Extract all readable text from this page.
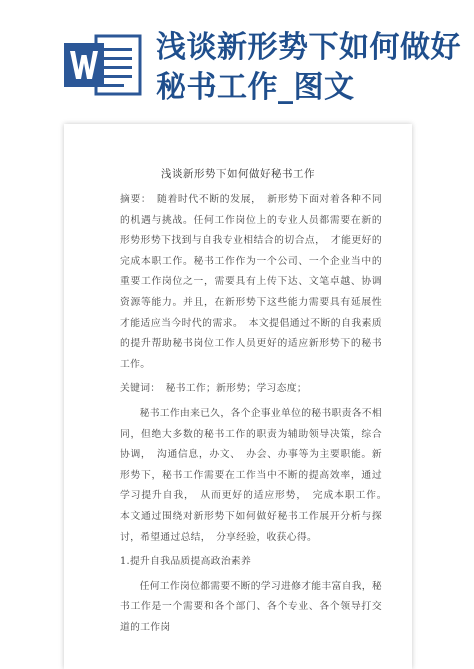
浅谈新形势下如何做好秘书工作_图文
浅谈新形势下如何做好秘书工作

摘要：　随着时代不断的发展，　新形势下面对着各种不同的机遇与挑战。任何工作岗位上的专业人员都需要在新的形势形势下找到与自我专业相结合的切合点，　才能更好的完成本职工作。秘书工作作为一个公司、一个企业当中的重要工作岗位之一，需要具有上传下达、文笔卓越、协调资源等能力。并且，在新形势下这些能力需要具有延展性才能适应当今时代的需求。　本文提倡通过不断的自我素质的提升帮助秘书岗位工作人员更好的适应新形势下的秘书工作。

关键词：　秘书工作；新形势；学习态度；

秘书工作由来已久，各个企事业单位的秘书职责各不相同，但绝大多数的秘书工作的职责为辅助领导决策，综合协调，　沟通信息，办文、　办会、办事等为主要职能。新形势下，秘书工作需要在工作当中不断的提高效率，通过学习提升自我，　从而更好的适应形势，　完成本职工作。　本文通过围绕对新形势下如何做好秘书工作展开分析与探讨，希望通过总结，　分享经验，收获心得。

1.提升自我品质提高政治素养

任何工作岗位都需要不断的学习进修才能丰富自我，秘书工作是一个需要和各个部门、各个专业、各个领导打交道的工作岗
